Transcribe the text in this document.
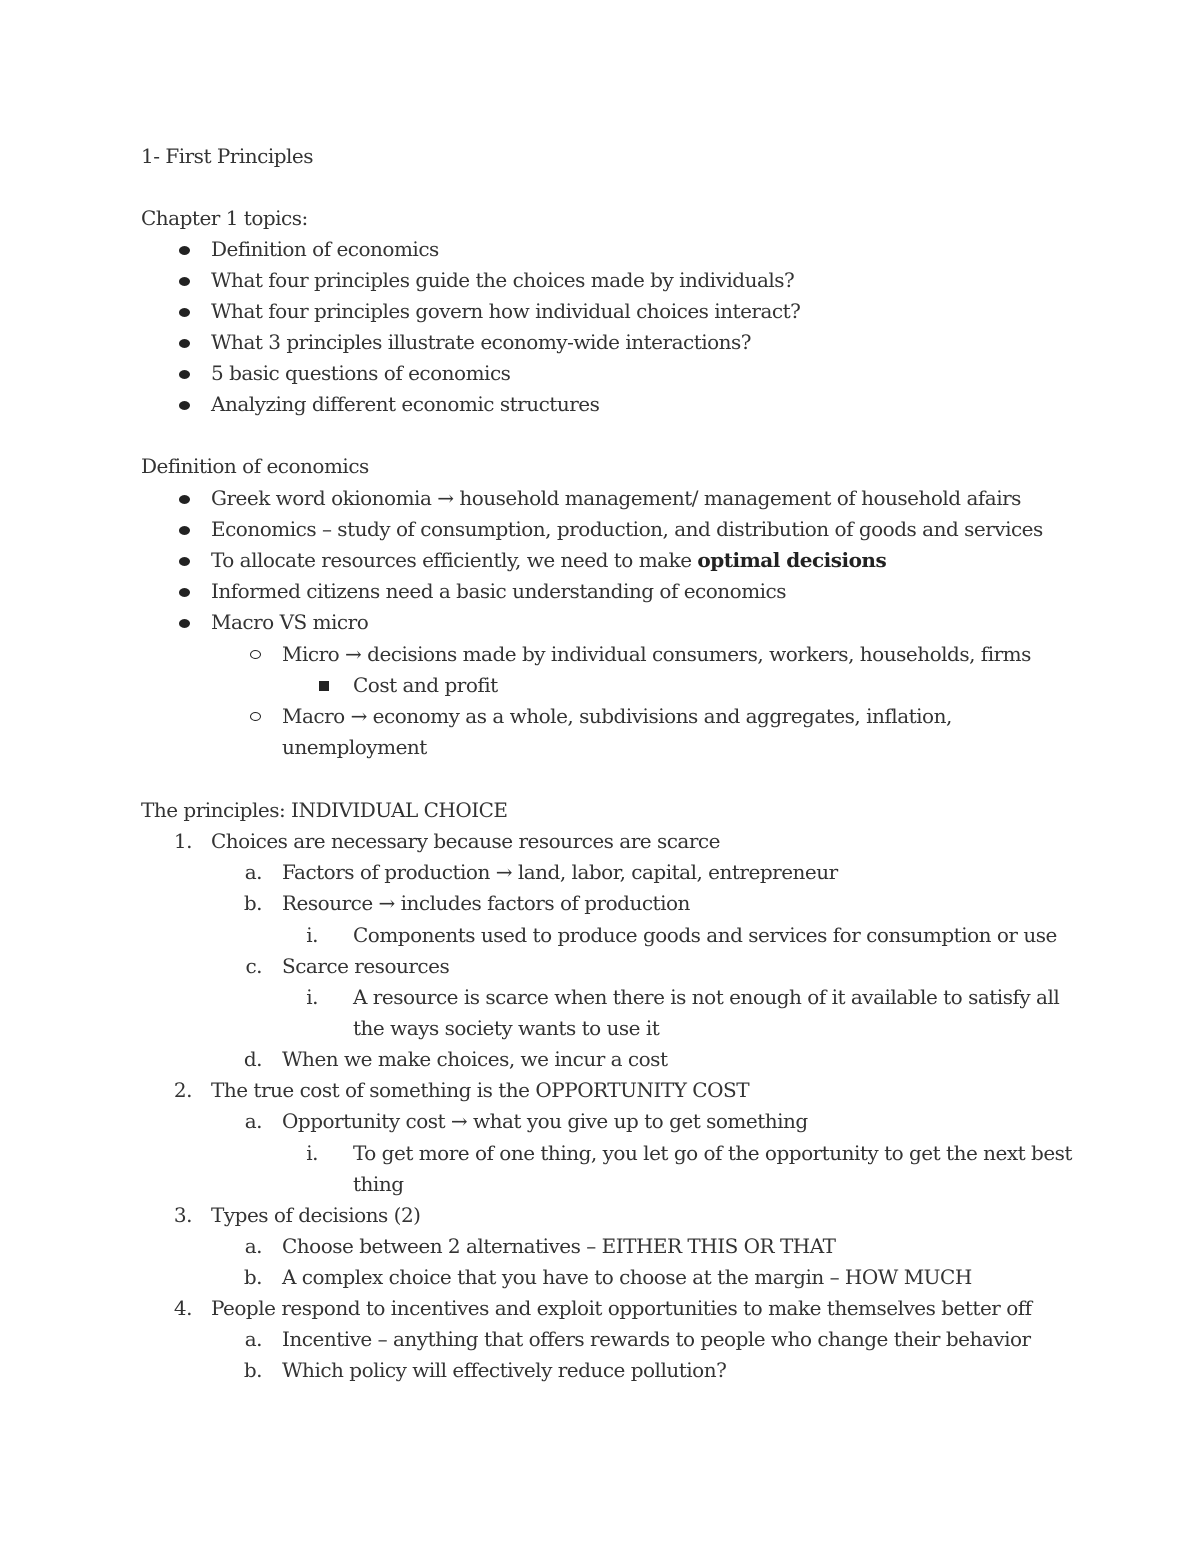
1- First Principles
Chapter 1 topics:
Definition of economics
What four principles guide the choices made by individuals?
What four principles govern how individual choices interact?
What 3 principles illustrate economy-wide interactions?
5 basic questions of economics
Analyzing different economic structures
Definition of economics
Greek word okionomia → household management/ management of household afairs
Economics – study of consumption, production, and distribution of goods and services
To allocate resources efficiently, we need to make optimal decisions
Informed citizens need a basic understanding of economics
Macro VS micro
Micro → decisions made by individual consumers, workers, households, firms
Cost and profit
Macro → economy as a whole, subdivisions and aggregates, inflation,
unemployment
The principles: INDIVIDUAL CHOICE
1. Choices are necessary because resources are scarce
a. Factors of production → land, labor, capital, entrepreneur
b. Resource → includes factors of production
i. Components used to produce goods and services for consumption or use
c. Scarce resources
i. A resource is scarce when there is not enough of it available to satisfy all
the ways society wants to use it
d. When we make choices, we incur a cost
2. The true cost of something is the OPPORTUNITY COST
a. Opportunity cost → what you give up to get something
i. To get more of one thing, you let go of the opportunity to get the next best
thing
3. Types of decisions (2)
a. Choose between 2 alternatives – EITHER THIS OR THAT
b. A complex choice that you have to choose at the margin – HOW MUCH
4. People respond to incentives and exploit opportunities to make themselves better off
a. Incentive – anything that offers rewards to people who change their behavior
b. Which policy will effectively reduce pollution?
